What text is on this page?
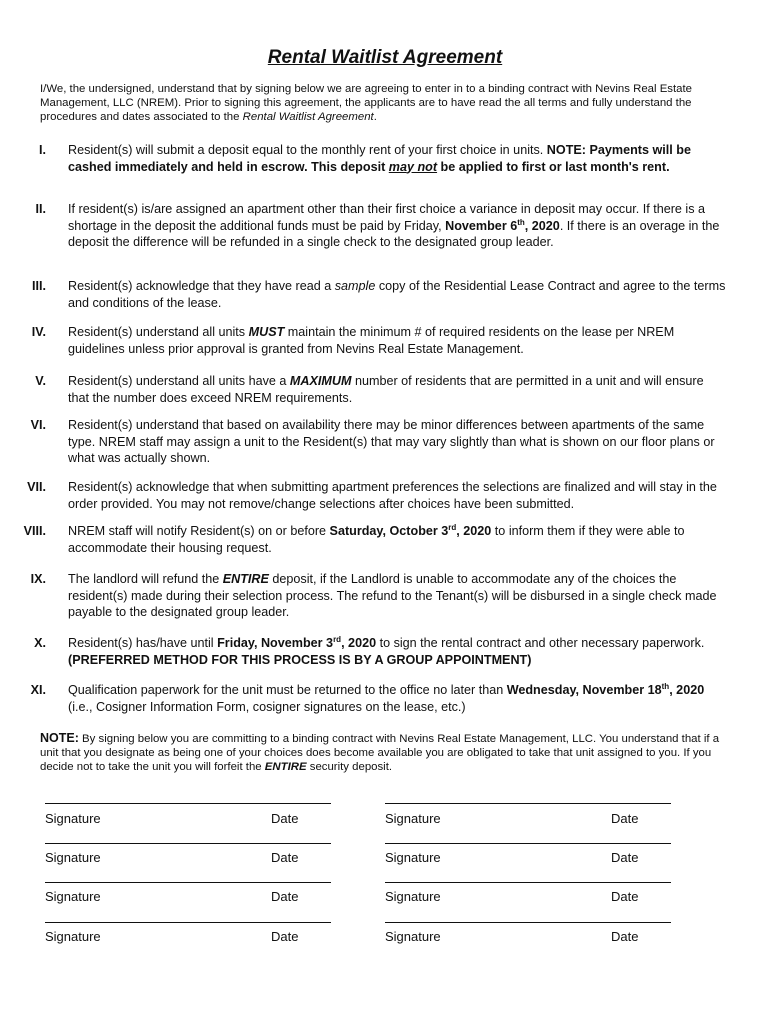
Rental Waitlist Agreement
I/We, the undersigned, understand that by signing below we are agreeing to enter in to a binding contract with Nevins Real Estate Management, LLC (NREM). Prior to signing this agreement, the applicants are to have read the all terms and fully understand the procedures and dates associated to the Rental Waitlist Agreement.
I. Resident(s) will submit a deposit equal to the monthly rent of your first choice in units. NOTE: Payments will be cashed immediately and held in escrow. This deposit may not be applied to first or last month's rent.
II. If resident(s) is/are assigned an apartment other than their first choice a variance in deposit may occur. If there is a shortage in the deposit the additional funds must be paid by Friday, November 6th, 2020. If there is an overage in the deposit the difference will be refunded in a single check to the designated group leader.
III. Resident(s) acknowledge that they have read a sample copy of the Residential Lease Contract and agree to the terms and conditions of the lease.
IV. Resident(s) understand all units MUST maintain the minimum # of required residents on the lease per NREM guidelines unless prior approval is granted from Nevins Real Estate Management.
V. Resident(s) understand all units have a MAXIMUM number of residents that are permitted in a unit and will ensure that the number does exceed NREM requirements.
VI. Resident(s) understand that based on availability there may be minor differences between apartments of the same type. NREM staff may assign a unit to the Resident(s) that may vary slightly than what is shown on our floor plans or what was actually shown.
VII. Resident(s) acknowledge that when submitting apartment preferences the selections are finalized and will stay in the order provided. You may not remove/change selections after choices have been submitted.
VIII. NREM staff will notify Resident(s) on or before Saturday, October 3rd, 2020 to inform them if they were able to accommodate their housing request.
IX. The landlord will refund the ENTIRE deposit, if the Landlord is unable to accommodate any of the choices the resident(s) made during their selection process. The refund to the Tenant(s) will be disbursed in a single check made payable to the designated group leader.
X. Resident(s) has/have until Friday, November 3rd, 2020 to sign the rental contract and other necessary paperwork. (PREFERRED METHOD FOR THIS PROCESS IS BY A GROUP APPOINTMENT)
XI. Qualification paperwork for the unit must be returned to the office no later than Wednesday, November 18th, 2020 (i.e., Cosigner Information Form, cosigner signatures on the lease, etc.)
NOTE: By signing below you are committing to a binding contract with Nevins Real Estate Management, LLC. You understand that if a unit that you designate as being one of your choices does become available you are obligated to take that unit assigned to you. If you decide not to take the unit you will forfeit the ENTIRE security deposit.
Signature	Date
Signature	Date
Signature	Date
Signature	Date
Signature	Date
Signature	Date
Signature	Date
Signature	Date
